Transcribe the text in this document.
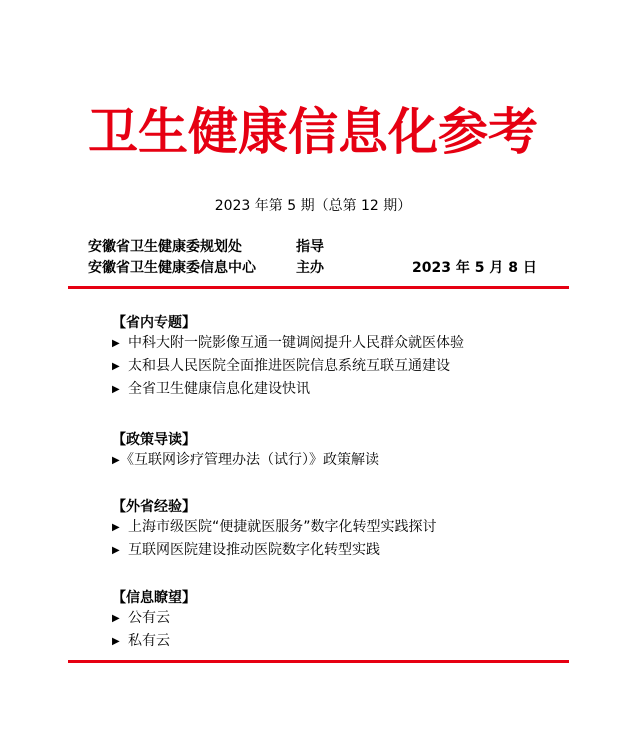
卫生健康信息化参考
2023 年第 5 期（总第 12 期）
安徽省卫生健康委规划处	指导
安徽省卫生健康委信息中心	主办	2023 年 5 月 8 日
【省内专题】
▶ 中科大附一院影像互通一键调阅提升人民群众就医体验
▶ 太和县人民医院全面推进医院信息系统互联互通建设
▶ 全省卫生健康信息化建设快讯
【政策导读】
▶《互联网诊疗管理办法（试行）》政策解读
【外省经验】
▶ 上海市级医院“便捷就医服务”数字化转型实践探讨
▶ 互联网医院建设推动医院数字化转型实践
【信息瞭望】
▶ 公有云
▶ 私有云
